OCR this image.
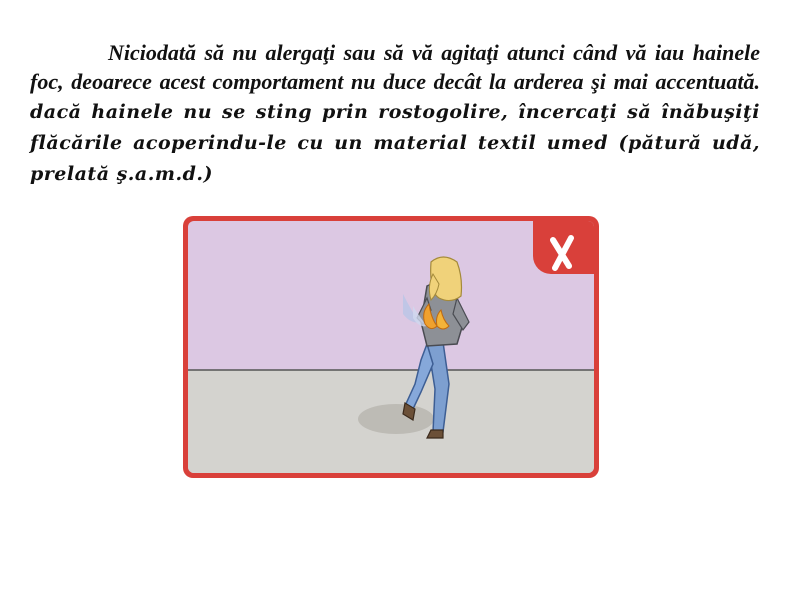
Niciodată să nu alergaţi sau să vă agitaţi atunci când vă iau hainele foc, deoarece acest comportament nu duce decât la arderea şi mai accentuată. dacă hainele nu se sting prin rostogolire, încercaţi să înăbuşiţi flăcările acoperindu-le cu un material textil umed (pătură udă, prelată ş.a.m.d.)
